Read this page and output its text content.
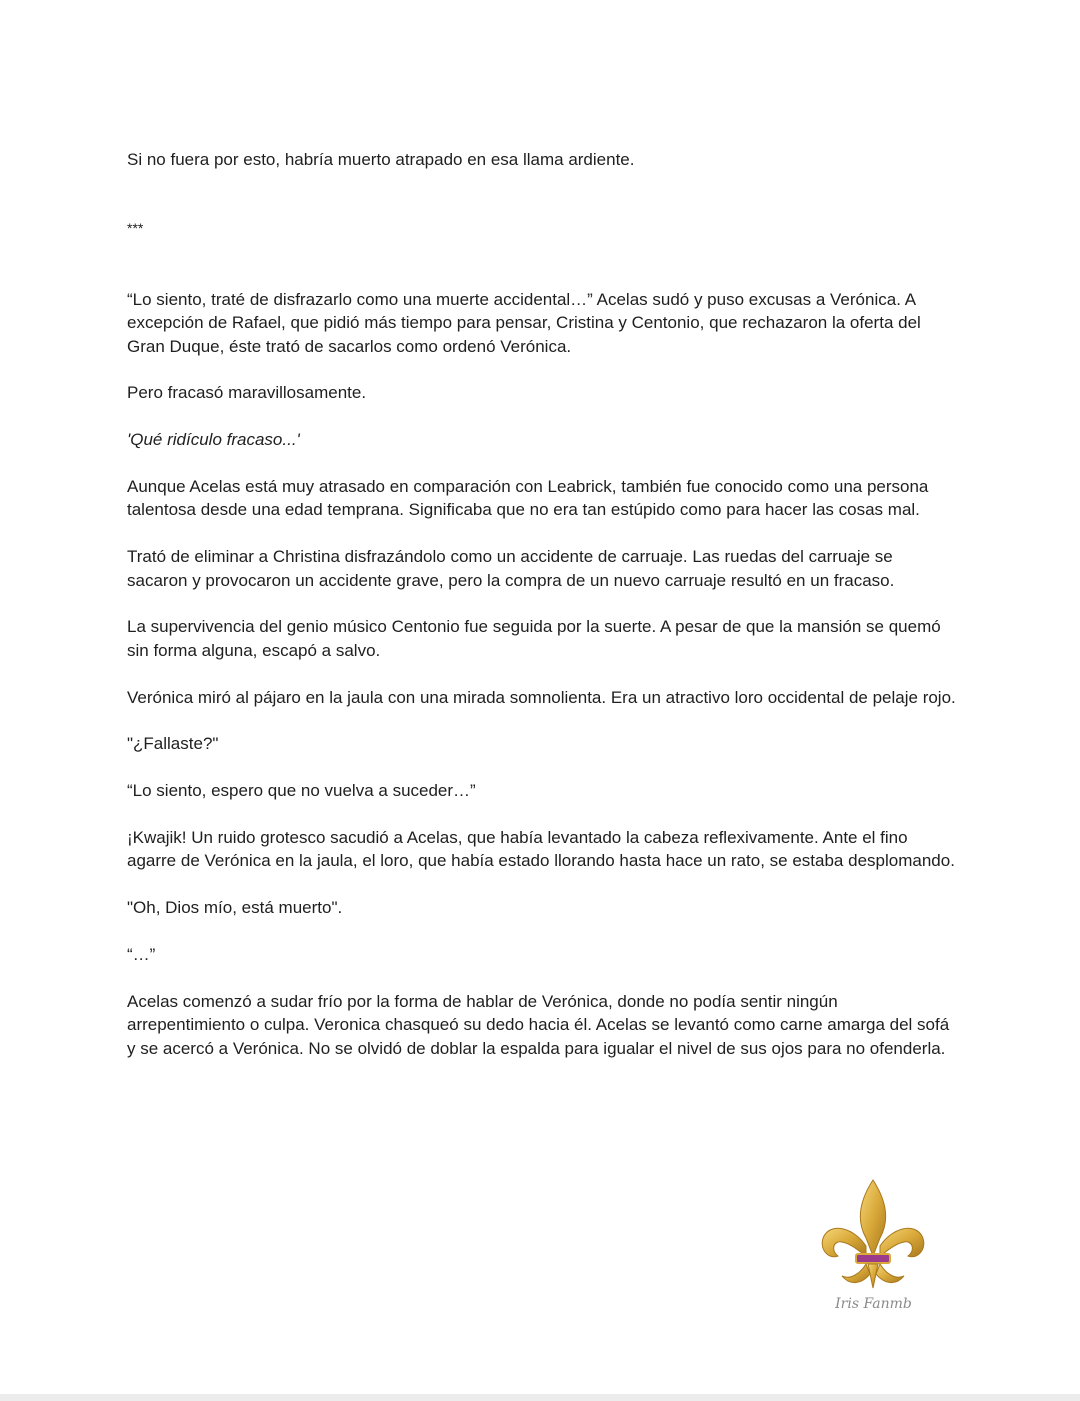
Si no fuera por esto, habría muerto atrapado en esa llama ardiente.

***

“Lo siento, traté de disfrazarlo como una muerte accidental…” Acelas sudó y puso excusas a Verónica. A excepción de Rafael, que pidió más tiempo para pensar, Cristina y Centonio, que rechazaron la oferta del Gran Duque, éste trató de sacarlos como ordenó Verónica.

Pero fracasó maravillosamente.

'Qué ridículo fracaso...'

Aunque Acelas está muy atrasado en comparación con Leabrick, también fue conocido como una persona talentosa desde una edad temprana. Significaba que no era tan estúpido como para hacer las cosas mal.

Trató de eliminar a Christina disfrazándolo como un accidente de carruaje. Las ruedas del carruaje se sacaron y provocaron un accidente grave, pero la compra de un nuevo carruaje resultó en un fracaso.

La supervivencia del genio músico Centonio fue seguida por la suerte. A pesar de que la mansión se quemó sin forma alguna, escapó a salvo.

Verónica miró al pájaro en la jaula con una mirada somnolienta. Era un atractivo loro occidental de pelaje rojo.

"¿Fallaste?"

“Lo siento, espero que no vuelva a suceder…”

¡Kwajik! Un ruido grotesco sacudió a Acelas, que había levantado la cabeza reflexivamente. Ante el fino agarre de Verónica en la jaula, el loro, que había estado llorando hasta hace un rato, se estaba desplomando.

"Oh, Dios mío, está muerto".

“…”

Acelas comenzó a sudar frío por la forma de hablar de Verónica, donde no podía sentir ningún arrepentimiento o culpa. Veronica chasqueó su dedo hacia él. Acelas se levantó como carne amarga del sofá y se acercó a Verónica. No se olvidó de doblar la espalda para igualar el nivel de sus ojos para no ofenderla.

Iris Fanmb
